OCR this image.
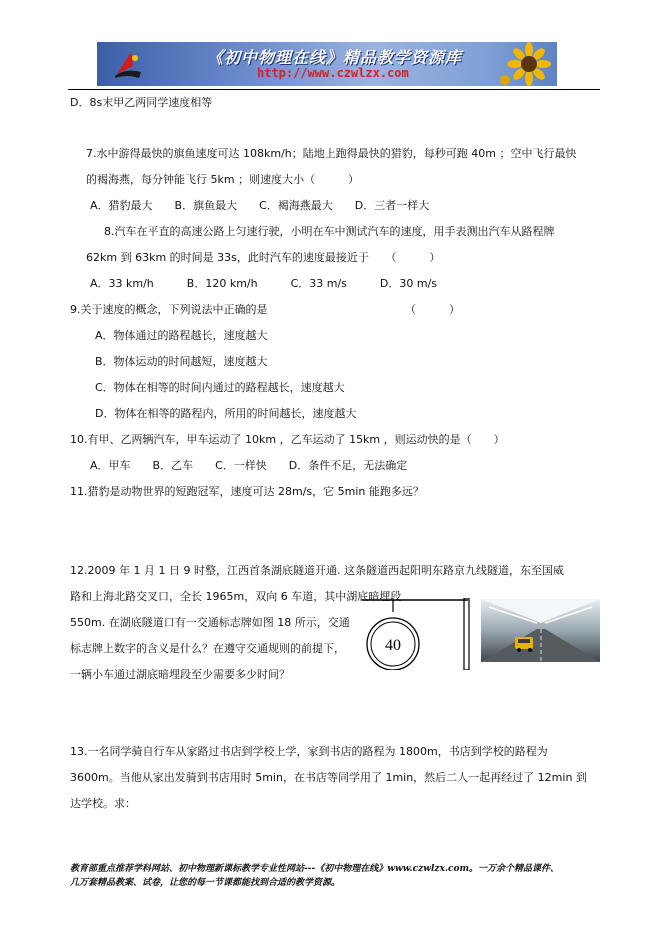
《初中物理在线》精品教学资源库
http://www.czwlzx.com
D．8s末甲乙两同学速度相等
7.水中游得最快的旗鱼速度可达 108km/h；陆地上跑得最快的猎豹，每秒可跑 40m ；空中飞行最快
的褐海燕，每分钟能飞行 5km ；则速度大小（　　　）
A．猎豹最大　　B．旗鱼最大　　C．褐海燕最大　　D．三者一样大
8.汽车在平直的高速公路上匀速行驶，小明在车中测试汽车的速度，用手表测出汽车从路程牌
62km 到 63km 的时间是 33s，此时汽车的速度最接近于　　（　　　）
A．33 km/h　　　B．120 km/h　　　C．33 m/s　　　D．30 m/s
9.关于速度的概念，下列说法中正确的是	（　　　）
A．物体通过的路程越长，速度越大
B．物体运动的时间越短，速度越大
C．物体在相等的时间内通过的路程越长，速度越大
D．物体在相等的路程内，所用的时间越长，速度越大
10.有甲、乙两辆汽车，甲车运动了 10km ，乙车运动了 15km ，则运动快的是（　　）
A．甲车　　B．乙车　　C．一样快　　D．条件不足，无法确定
11.猎豹是动物世界的短跑冠军，速度可达 28m/s，它 5min 能跑多远？
12.2009 年 1 月 1 日 9 时整，江西首条湖底隧道开通. 这条隧道西起阳明东路京九线隧道，东至国威
路和上海北路交叉口，全长 1965m，双向 6 车道，其中湖底暗埋段
550m. 在湖底隧道口有一交通标志牌如图 18 所示，交通
标志牌上数字的含义是什么？在遵守交通规则的前提下，
一辆小车通过湖底暗埋段至少需要多少时间？
40
13.一名同学骑自行车从家路过书店到学校上学，家到书店的路程为 1800m，书店到学校的路程为
3600m。当他从家出发骑到书店用时 5min，在书店等同学用了 1min，然后二人一起再经过了 12min 到
达学校。求：
教育部重点推荐学科网站、初中物理新课标教学专业性网站---《初中物理在线》www.czwlzx.com。一万余个精品课件、
几万套精品教案、试卷，让您的每一节课都能找到合适的教学资源。
